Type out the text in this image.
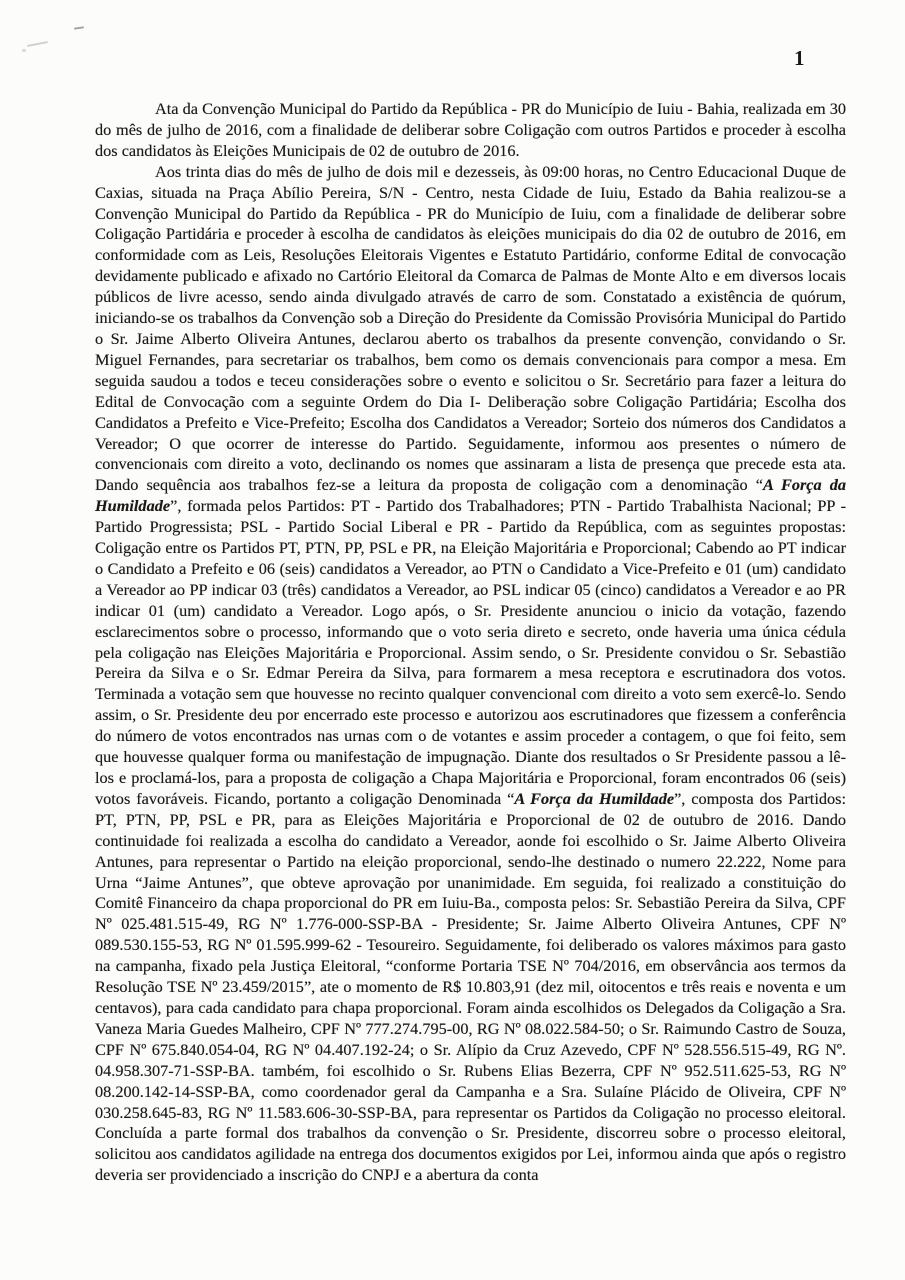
1

Ata da Convenção Municipal do Partido da República - PR do Município de Iuiu - Bahia, realizada em 30 do mês de julho de 2016, com a finalidade de deliberar sobre Coligação com outros Partidos e proceder à escolha dos candidatos às Eleições Municipais de 02 de outubro de 2016.

Aos trinta dias do mês de julho de dois mil e dezesseis, às 09:00 horas, no Centro Educacional Duque de Caxias, situada na Praça Abílio Pereira, S/N - Centro, nesta Cidade de Iuiu, Estado da Bahia realizou-se a Convenção Municipal do Partido da República - PR do Município de Iuiu, com a finalidade de deliberar sobre Coligação Partidária e proceder à escolha de candidatos às eleições municipais do dia 02 de outubro de 2016, em conformidade com as Leis, Resoluções Eleitorais Vigentes e Estatuto Partidário, conforme Edital de convocação devidamente publicado e afixado no Cartório Eleitoral da Comarca de Palmas de Monte Alto e em diversos locais públicos de livre acesso, sendo ainda divulgado através de carro de som. Constatado a existência de quórum, iniciando-se os trabalhos da Convenção sob a Direção do Presidente da Comissão Provisória Municipal do Partido o Sr. Jaime Alberto Oliveira Antunes, declarou aberto os trabalhos da presente convenção, convidando o Sr. Miguel Fernandes, para secretariar os trabalhos, bem como os demais convencionais para compor a mesa. Em seguida saudou a todos e teceu considerações sobre o evento e solicitou o Sr. Secretário para fazer a leitura do Edital de Convocação com a seguinte Ordem do Dia I- Deliberação sobre Coligação Partidária; Escolha dos Candidatos a Prefeito e Vice-Prefeito; Escolha dos Candidatos a Vereador; Sorteio dos números dos Candidatos a Vereador; O que ocorrer de interesse do Partido. Seguidamente, informou aos presentes o número de convencionais com direito a voto, declinando os nomes que assinaram a lista de presença que precede esta ata. Dando sequência aos trabalhos fez-se a leitura da proposta de coligação com a denominação “A Força da Humildade”, formada pelos Partidos: PT - Partido dos Trabalhadores; PTN - Partido Trabalhista Nacional; PP - Partido Progressista; PSL - Partido Social Liberal e PR - Partido da República, com as seguintes propostas: Coligação entre os Partidos PT, PTN, PP, PSL e PR, na Eleição Majoritária e Proporcional; Cabendo ao PT indicar o Candidato a Prefeito e 06 (seis) candidatos a Vereador, ao PTN o Candidato a Vice-Prefeito e 01 (um) candidato a Vereador ao PP indicar 03 (três) candidatos a Vereador, ao PSL indicar 05 (cinco) candidatos a Vereador e ao PR indicar 01 (um) candidato a Vereador. Logo após, o Sr. Presidente anunciou o inicio da votação, fazendo esclarecimentos sobre o processo, informando que o voto seria direto e secreto, onde haveria uma única cédula pela coligação nas Eleições Majoritária e Proporcional. Assim sendo, o Sr. Presidente convidou o Sr. Sebastião Pereira da Silva e o Sr. Edmar Pereira da Silva, para formarem a mesa receptora e escrutinadora dos votos. Terminada a votação sem que houvesse no recinto qualquer convencional com direito a voto sem exercê-lo. Sendo assim, o Sr. Presidente deu por encerrado este processo e autorizou aos escrutinadores que fizessem a conferência do número de votos encontrados nas urnas com o de votantes e assim proceder a contagem, o que foi feito, sem que houvesse qualquer forma ou manifestação de impugnação. Diante dos resultados o Sr Presidente passou a lê-los e proclamá-los, para a proposta de coligação a Chapa Majoritária e Proporcional, foram encontrados 06 (seis) votos favoráveis. Ficando, portanto a coligação Denominada “A Força da Humildade”, composta dos Partidos: PT, PTN, PP, PSL e PR, para as Eleições Majoritária e Proporcional de 02 de outubro de 2016. Dando continuidade foi realizada a escolha do candidato a Vereador, aonde foi escolhido o Sr. Jaime Alberto Oliveira Antunes, para representar o Partido na eleição proporcional, sendo-lhe destinado o numero 22.222, Nome para Urna “Jaime Antunes”, que obteve aprovação por unanimidade. Em seguida, foi realizado a constituição do Comitê Financeiro da chapa proporcional do PR em Iuiu-Ba., composta pelos: Sr. Sebastião Pereira da Silva, CPF Nº 025.481.515-49, RG Nº 1.776-000-SSP-BA - Presidente; Sr. Jaime Alberto Oliveira Antunes, CPF Nº 089.530.155-53, RG Nº 01.595.999-62 - Tesoureiro. Seguidamente, foi deliberado os valores máximos para gasto na campanha, fixado pela Justiça Eleitoral, “conforme Portaria TSE Nº 704/2016, em observância aos termos da Resolução TSE Nº 23.459/2015”, ate o momento de R$ 10.803,91 (dez mil, oitocentos e três reais e noventa e um centavos), para cada candidato para chapa proporcional. Foram ainda escolhidos os Delegados da Coligação a Sra. Vaneza Maria Guedes Malheiro, CPF Nº 777.274.795-00, RG Nº 08.022.584-50; o Sr. Raimundo Castro de Souza, CPF Nº 675.840.054-04, RG Nº 04.407.192-24; o Sr. Alípio da Cruz Azevedo, CPF Nº 528.556.515-49, RG Nº. 04.958.307-71-SSP-BA. também, foi escolhido o Sr. Rubens Elias Bezerra, CPF Nº 952.511.625-53, RG Nº 08.200.142-14-SSP-BA, como coordenador geral da Campanha e a Sra. Sulaíne Plácido de Oliveira, CPF Nº 030.258.645-83, RG Nº 11.583.606-30-SSP-BA, para representar os Partidos da Coligação no processo eleitoral. Concluída a parte formal dos trabalhos da convenção o Sr. Presidente, discorreu sobre o processo eleitoral, solicitou aos candidatos agilidade na entrega dos documentos exigidos por Lei, informou ainda que após o registro deveria ser providenciado a inscrição do CNPJ e a abertura da conta
